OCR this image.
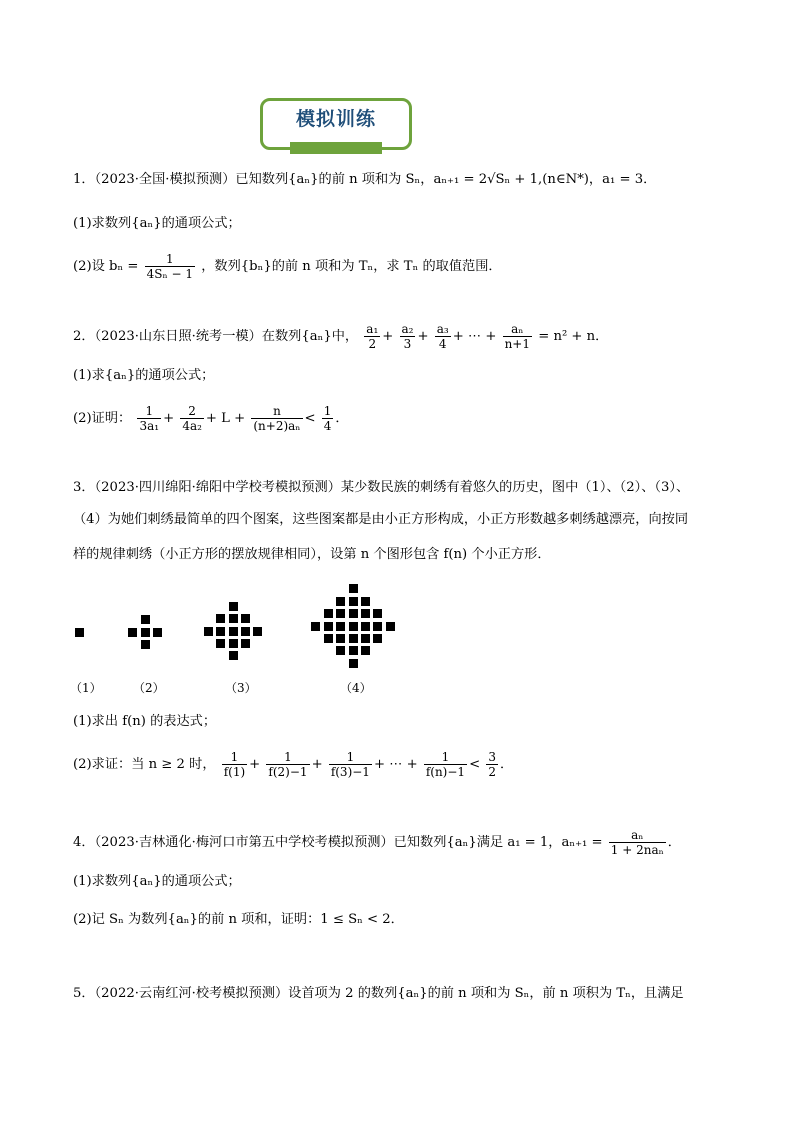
模拟训练
1．（2023·全国·模拟预测）已知数列{aₙ}的前 n 项和为 Sₙ，aₙ₊₁ = 2√Sₙ + 1,(n∈N*)，a₁ = 3．
(1)求数列{aₙ}的通项公式；
(2)设 $b_n = \frac{1}{\text{4Sₙ − 1}}$ ，数列{bₙ}的前 n 项和为 Tₙ，求 Tₙ 的取值范围．
2．（2023·山东日照·统考一模）在数列{aₙ}中， $\frac{\text{a₁}}{2} + \frac{\text{a₂}}{3} + \frac{\text{a₃}}{4}$ + ⋯ + $\frac{\text{aₙ}}{n+1} = n^2 + n$．
(1)求{aₙ}的通项公式；
(2)证明： $\frac{1}{\text{3a₁}} + \frac{2}{\text{4a₂}} + L + \frac{n}{\text{(n+2)aₙ}} < \frac{1}{4}$ ．
3．（2023·四川绵阳·绵阳中学校考模拟预测）某少数民族的刺绣有着悠久的历史，图中（1）、（2）、（3）、
（4）为她们刺绣最简单的四个图案，这些图案都是由小正方形构成，小正方形数越多刺绣越漂亮，向按同
样的规律刺绣（小正方形的摆放规律相同），设第 n 个图形包含 f(n) 个小正方形．
（1）	（2）	（3）	（4）
(1)求出 f(n) 的表达式；
(2)求证：当 n ≥ 2 时， $\frac{1}{f(1)} + \frac{1}{f(2)-1} + \frac{1}{f(3)-1}$ + ⋯ + $\frac{1}{f(n)-1} < \frac{3}{2}$ ．
4．（2023·吉林通化·梅河口市第五中学校考模拟预测）已知数列{aₙ}满足 a₁ = 1，$a_{n+1} = \frac{\text{aₙ}}{\text{1 + 2naₙ}}$ ．
(1)求数列{aₙ}的通项公式；
(2)记 Sₙ 为数列{aₙ}的前 n 项和，证明：1 ≤ Sₙ < 2．
5．（2022·云南红河·校考模拟预测）设首项为 2 的数列{aₙ}的前 n 项和为 Sₙ，前 n 项积为 Tₙ，且满足
